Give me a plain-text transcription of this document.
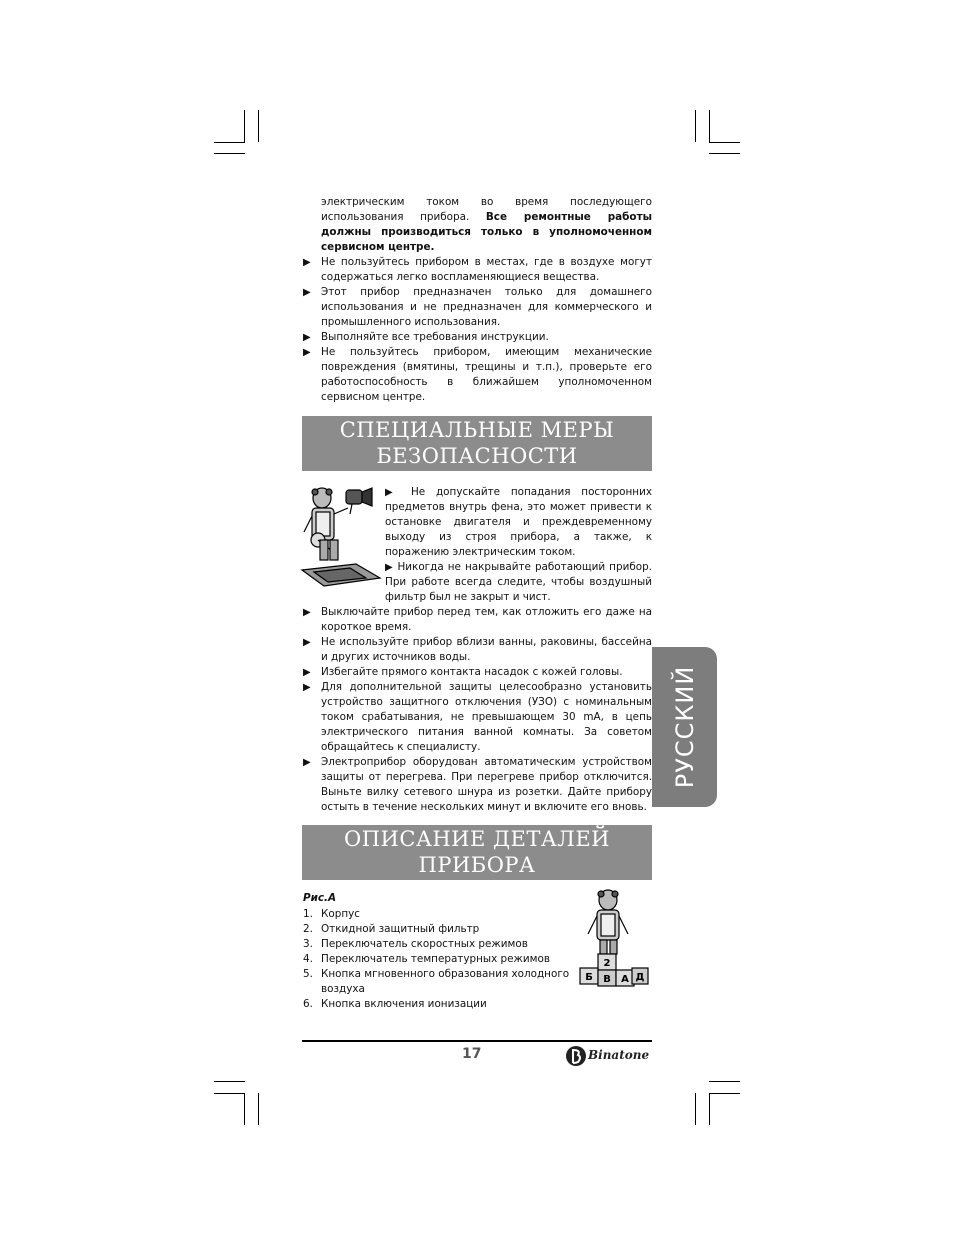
электрическим током во время последующего использования прибора. Все ремонтные работы должны производиться только в уполномоченном сервисном центре.
▶ Не пользуйтесь прибором в местах, где в воздухе могут содержаться легко воспламеняющиеся вещества.
▶ Этот прибор предназначен только для домашнего использования и не предназначен для коммерческого и промышленного использования.
▶ Выполняйте все требования инструкции.
▶ Не пользуйтесь прибором, имеющим механические повреждения (вмятины, трещины и т.п.), проверьте его работоспособность в ближайшем уполномоченном сервисном центре.
СПЕЦИАЛЬНЫЕ МЕРЫ
БЕЗОПАСНОСТИ
▶ Не допускайте попадания посторонних предметов внутрь фена, это может привести к остановке двигателя и преждевременному выходу из строя прибора, а также, к поражению электрическим током.
▶ Никогда не накрывайте работающий прибор. При работе всегда следите, чтобы воздушный фильтр был не закрыт и чист.
▶ Выключайте прибор перед тем, как отложить его даже на короткое время.
▶ Не используйте прибор вблизи ванны, раковины, бассейна и других источников воды.
▶ Избегайте прямого контакта насадок с кожей головы.
▶ Для дополнительной защиты целесообразно установить устройство защитного отключения (УЗО) с номинальным током срабатывания, не превышающем 30 mA, в цепь электрического питания ванной комнаты. За советом обращайтесь к специалисту.
▶ Электроприбор оборудован автоматическим устройством защиты от перегрева. При перегреве прибор отключится. Выньте вилку сетевого шнура из розетки. Дайте прибору остыть в течение нескольких минут и включите его вновь.
РУССКИЙ
ОПИСАНИЕ ДЕТАЛЕЙ
ПРИБОРА
Рис.А
1. Корпус
2. Откидной защитный фильтр
3. Переключатель скоростных режимов
4. Переключатель температурных режимов
5. Кнопка мгновенного образования холодного воздуха
6. Кнопка включения ионизации
Б В А Д
2
17	Binatone
